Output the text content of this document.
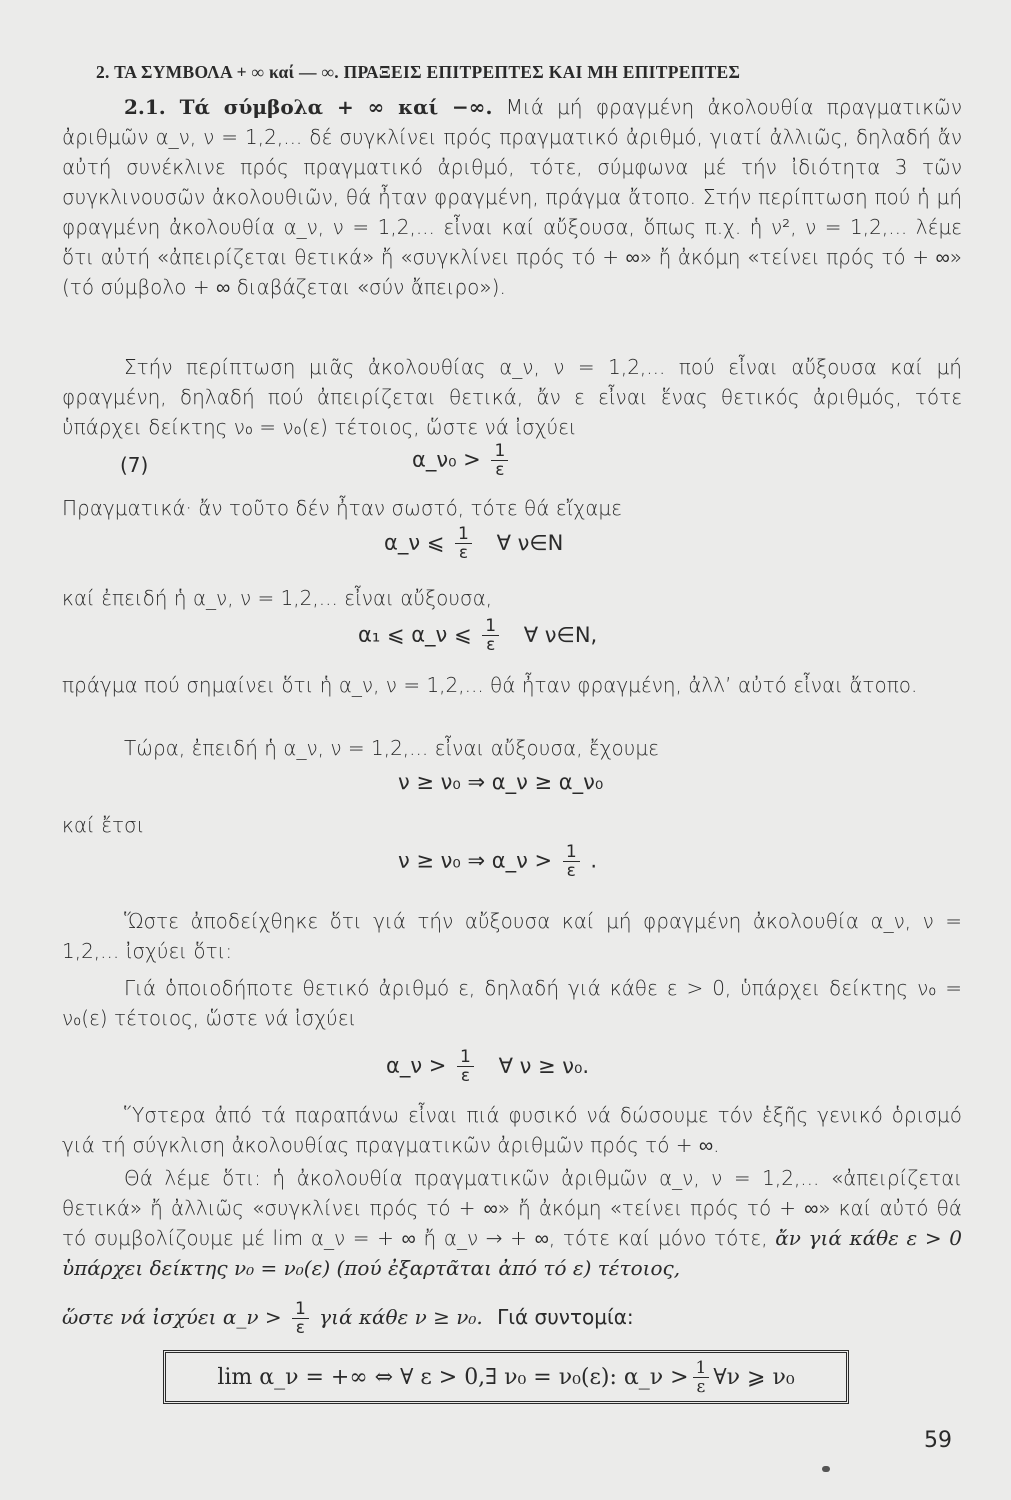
2. ΤΑ ΣΥΜΒΟΛΑ + ∞ καί — ∞. ΠΡΑΞΕΙΣ ΕΠΙΤΡΕΠΤΕΣ ΚΑΙ ΜΗ ΕΠΙΤΡΕΠΤΕΣ
2.1. Τά σύμβολα + ∞ καί −∞. Μιά μή φραγμένη ἀκολουθία πραγματικῶν ἀριθμῶν α_ν, ν = 1,2,... δέ συγκλίνει πρός πραγματικό ἀριθμό, γιατί ἀλλιῶς, δηλαδή ἄν αὐτή συνέκλινε πρός πραγματικό ἀριθμό, τότε, σύμφωνα μέ τήν ἰδιότητα 3 τῶν συγκλινουσῶν ἀκολουθιῶν, θά ἦταν φραγμένη, πράγμα ἄτοπο. Στήν περίπτωση πού ἡ μή φραγμένη ἀκολουθία α_ν, ν = 1,2,... εἶναι καί αὔξουσα, ὅπως π.χ. ἡ ν², ν = 1,2,... λέμε ὅτι αὐτή «ἀπειρίζεται θετικά» ἤ «συγκλίνει πρός τό + ∞» ἤ ἀκόμη «τείνει πρός τό + ∞» (τό σύμβολο + ∞ διαβάζεται «σύν ἄπειρο»).
Στήν περίπτωση μιᾶς ἀκολουθίας α_ν, ν = 1,2,... πού εἶναι αὔξουσα καί μή φραγμένη, δηλαδή πού ἀπειρίζεται θετικά, ἄν ε εἶναι ἕνας θετικός ἀριθμός, τότε ὑπάρχει δείκτης ν₀ = ν₀(ε) τέτοιος, ὥστε νά ἰσχύει
(7)	α_ν₀ > $\frac{1}{\varepsilon}$
Πραγματικά· ἄν τοῦτο δέν ἦταν σωστό, τότε θά εἴχαμε
α_ν ⩽ $\frac{1}{\varepsilon}$ ∀ ν∈N
καί ἐπειδή ἡ α_ν, ν = 1,2,... εἶναι αὔξουσα,
α₁ ⩽ α_ν ⩽ $\frac{1}{\varepsilon}$ ∀ ν∈N,
πράγμα πού σημαίνει ὅτι ἡ α_ν, ν = 1,2,... θά ἦταν φραγμένη, ἀλλ’ αὐτό εἶναι ἄτοπο.
Τώρα, ἐπειδή ἡ α_ν, ν = 1,2,... εἶναι αὔξουσα, ἔχουμε
ν ≥ ν₀ ⇒ α_ν ≥ α_ν₀
καί ἔτσι
ν ≥ ν₀ ⇒ α_ν > $\frac{1}{\varepsilon}$ .
Ὥστε ἀποδείχθηκε ὅτι γιά τήν αὔξουσα καί μή φραγμένη ἀκολουθία α_ν, ν = 1,2,... ἰσχύει ὅτι:
Γιά ὁποιοδήποτε θετικό ἀριθμό ε, δηλαδή γιά κάθε ε > 0, ὑπάρχει δείκτης ν₀ = ν₀(ε) τέτοιος, ὥστε νά ἰσχύει
α_ν > $\frac{1}{\varepsilon}$ ∀ ν ≥ ν₀.
Ὕστερα ἀπό τά παραπάνω εἶναι πιά φυσικό νά δώσουμε τόν ἑξῆς γενικό ὁρισμό γιά τή σύγκλιση ἀκολουθίας πραγματικῶν ἀριθμῶν πρός τό + ∞.
Θά λέμε ὅτι: ἡ ἀκολουθία πραγματικῶν ἀριθμῶν α_ν, ν = 1,2,... «ἀπειρίζεται θετικά» ἤ ἀλλιῶς «συγκλίνει πρός τό + ∞» ἤ ἀκόμη «τείνει πρός τό + ∞» καί αὐτό θά τό συμβολίζουμε μέ lim α_ν = + ∞ ἤ α_ν → + ∞, τότε καί μόνο τότε, ἄν γιά κάθε ε > 0 ὑπάρχει δείκτης ν₀ = ν₀(ε) (πού ἐξαρτᾶται ἀπό τό ε) τέτοιος,
ὥστε νά ἰσχύει α_ν > $\frac{1}{\varepsilon}$ γιά κάθε ν ≥ ν₀. Γιά συντομία:
lim α_ν = +∞ ⇔ ∀ ε > 0,∃ ν₀ = ν₀(ε): α_ν > $\frac{1}{\varepsilon}$ ∀ν ⩾ ν₀
59
